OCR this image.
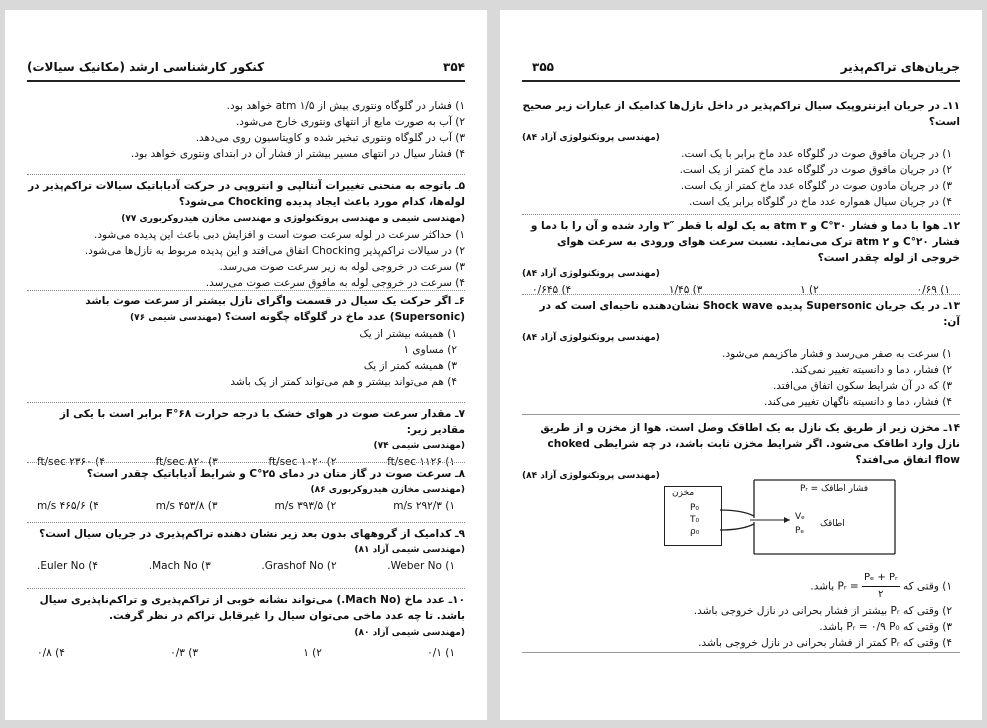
۳۵۴
کنکور کارشناسی ارشد (مکانیک سیالات)
۱) فشار در گلوگاه ونتوری بیش از ۱/۵ atm خواهد بود.
۲) آب به صورت مایع از انتهای ونتوری خارج می‌شود.
۳) آب در گلوگاه ونتوری تبخیر شده و کاویتاسیون روی می‌دهد.
۴) فشار سیال در انتهای مسیر بیشتر از فشار آن در ابتدای ونتوری خواهد بود.
۵ـ باتوجه به منحنی تغییرات آنتالپی و انتروپی در حرکت آدیاباتیک سیالات تراکم‌پذیر در لوله‌ها، کدام مورد باعث ایجاد پدیده Chocking می‌شود؟ (مهندسی شیمی و مهندسی پروتکنولوژی و مهندسی مخازن هیدروکربوری ۷۷)
۱) حداکثر سرعت در لوله سرعت صوت است و افزایش دبی باعث این پدیده می‌شود.
۲) در سیالات تراکم‌پذیر Chocking اتفاق می‌افتد و این پدیده مربوط به نازل‌ها می‌شود.
۳) سرعت در خروجی لوله به زیر سرعت صوت می‌رسد.
۴) سرعت در خروجی لوله به مافوق سرعت صوت می‌رسد.
۶ـ اگر حرکت یک سیال در قسمت واگرای نازل بیشتر از سرعت صوت باشد (Supersonic) عدد ماخ در گلوگاه چگونه است؟ (مهندسی شیمی ۷۶)
۱) همیشه بیشتر از یک
۲) مساوی ۱
۳) همیشه کمتر از یک
۴) هم می‌تواند بیشتر و هم می‌تواند کمتر از یک باشد
۷ـ مقدار سرعت صوت در هوای خشک با درجه حرارت ۶۸°F برابر است با یکی از مقادیر زیر:
(مهندسی شیمی ۷۴)
۱) ۱۱۲۶ ft/sec
۲) ۱۰۲۰ ft/sec
۳) ۸۲۰ ft/sec
۴) ۲۳۶۰ ft/sec
۸ـ سرعت صوت در گاز متان در دمای ۲۵°C و شرایط آدیاباتیک چقدر است؟
(مهندسی مخازن هیدروکربوری ۸۶)
۱) ۲۹۲/۳ m/s
۲) ۳۹۳/۵ m/s
۳) ۴۵۳/۸ m/s
۴) ۴۶۵/۶ m/s
۹ـ کدامیک از گروههای بدون بعد زیر نشان دهنده تراکم‌پذیری در جریان سیال است؟
(مهندسی شیمی آزاد ۸۱)
۱) Weber No.
۲) Grashof No.
۳) Mach No.
۴) Euler No.
۱۰ـ عدد ماخ (Mach No.) می‌تواند نشانه خوبی از تراکم‌پذیری و تراکم‌ناپذیری سیال باشد. تا چه عدد ماخی می‌توان سیال را غیرقابل تراکم در نظر گرفت. (مهندسی شیمی آزاد ۸۰)
۱) ۰/۱
۲) ۱
۳) ۰/۳
۴) ۰/۸
۳۵۵	جریان‌های تراکم‌پذیر
۱۱ـ در جریان ایزنتروپیک سیال تراکم‌پذیر در داخل نازل‌ها کدامیک از عبارات زیر صحیح است؟
(مهندسی پروتکنولوژی آزاد ۸۴)
۱) در جریان مافوق صوت در گلوگاه عدد ماخ برابر با یک است.
۲) در جریان مافوق صوت در گلوگاه عدد ماخ کمتر از یک است.
۳) در جریان مادون صوت در گلوگاه عدد ماخ کمتر از یک است.
۴) در جریان سیال همواره عدد ماخ در گلوگاه برابر یک است.
۱۲ـ هوا با دما و فشار ۳۰°C و ۳ atm به یک لوله با قطر ″۳ وارد شده و آن را با دما و فشار ۲۰°C و ۲ atm ترک می‌نماید. نسبت سرعت هوای ورودی به سرعت هوای خروجی از لوله چقدر است؟
(مهندسی پروتکنولوژی آزاد ۸۴)
۱) ۰/۶۹
۲) ۱
۳) ۱/۴۵
۴) ۰/۶۴۵
۱۳ـ در یک جریان Supersonic پدیده Shock wave نشان‌دهنده ناحیه‌ای است که در آن:
(مهندسی پروتکنولوژی آزاد ۸۴)
۱) سرعت به صفر می‌رسد و فشار ماکزیمم می‌شود.
۲) فشار، دما و دانسیته تغییر نمی‌کند.
۳) که در آن شرایط سکون اتفاق می‌افتد.
۴) فشار، دما و دانسیته ناگهان تغییر می‌کند.
۱۴ـ مخزن زیر از طریق یک نازل به یک اطاقک وصل است. هوا از مخزن و از طریق نازل وارد اطاقک می‌شود. اگر شرایط مخزن ثابت باشد، در چه شرایطی choked flow اتفاق می‌افتد؟
(مهندسی پروتکنولوژی آزاد ۸۴)
مخزن
P₀
T₀
ρ₀
Vₑ
Pₑ
اطاقک
فشار اطاقک = Pᵣ
۱) وقتی که Pᵣ = $\frac{\text{Pₑ + Pᵣ}}{۲}$
باشد.
۲) وقتی که Pᵣ بیشتر از فشار بحرانی در نازل خروجی باشد.
۳) وقتی که Pᵣ = ۰/۹ P₀ باشد.
۴) وقتی که Pᵣ کمتر از فشار بحرانی در نازل خروجی باشد.
